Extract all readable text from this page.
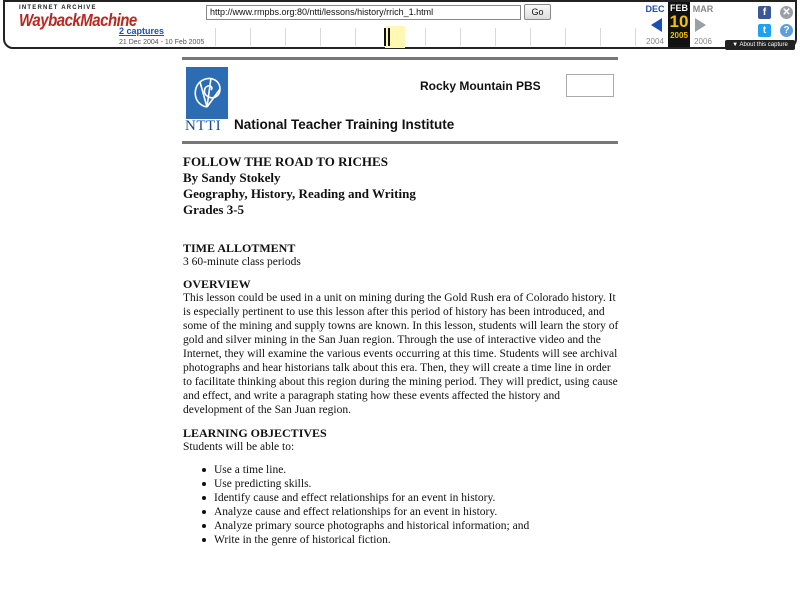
INTERNET ARCHIVE
WaybackMachine	http://www.rmpbs.org:80/ntti/lessons/history/rrich_1.html	Go
2 captures
21 Dec 2004 - 10 Feb 2005
DEC
2004
FEB
10
2005
MAR
2006
f	✕
t	?
▼ About this capture
NTTI National Teacher Training Institute
Rocky Mountain PBS
FOLLOW THE ROAD TO RICHES
By Sandy Stokely
Geography, History, Reading and Writing
Grades 3-5
TIME ALLOTMENT
3 60-minute class periods
OVERVIEW
This lesson could be used in a unit on mining during the Gold Rush era of Colorado history. It is especially pertinent to use this lesson after this period of history has been introduced, and some of the mining and supply towns are known. In this lesson, students will learn the story of gold and silver mining in the San Juan region. Through the use of interactive video and the Internet, they will examine the various events occurring at this time. Students will see archival photographs and hear historians talk about this era. Then, they will create a time line in order to facilitate thinking about this region during the mining period. They will predict, using cause and effect, and write a paragraph stating how these events affected the history and development of the San Juan region.
LEARNING OBJECTIVES
Students will be able to:
Use a time line.
Use predicting skills.
Identify cause and effect relationships for an event in history.
Analyze cause and effect relationships for an event in history.
Analyze primary source photographs and historical information; and
Write in the genre of historical fiction.
